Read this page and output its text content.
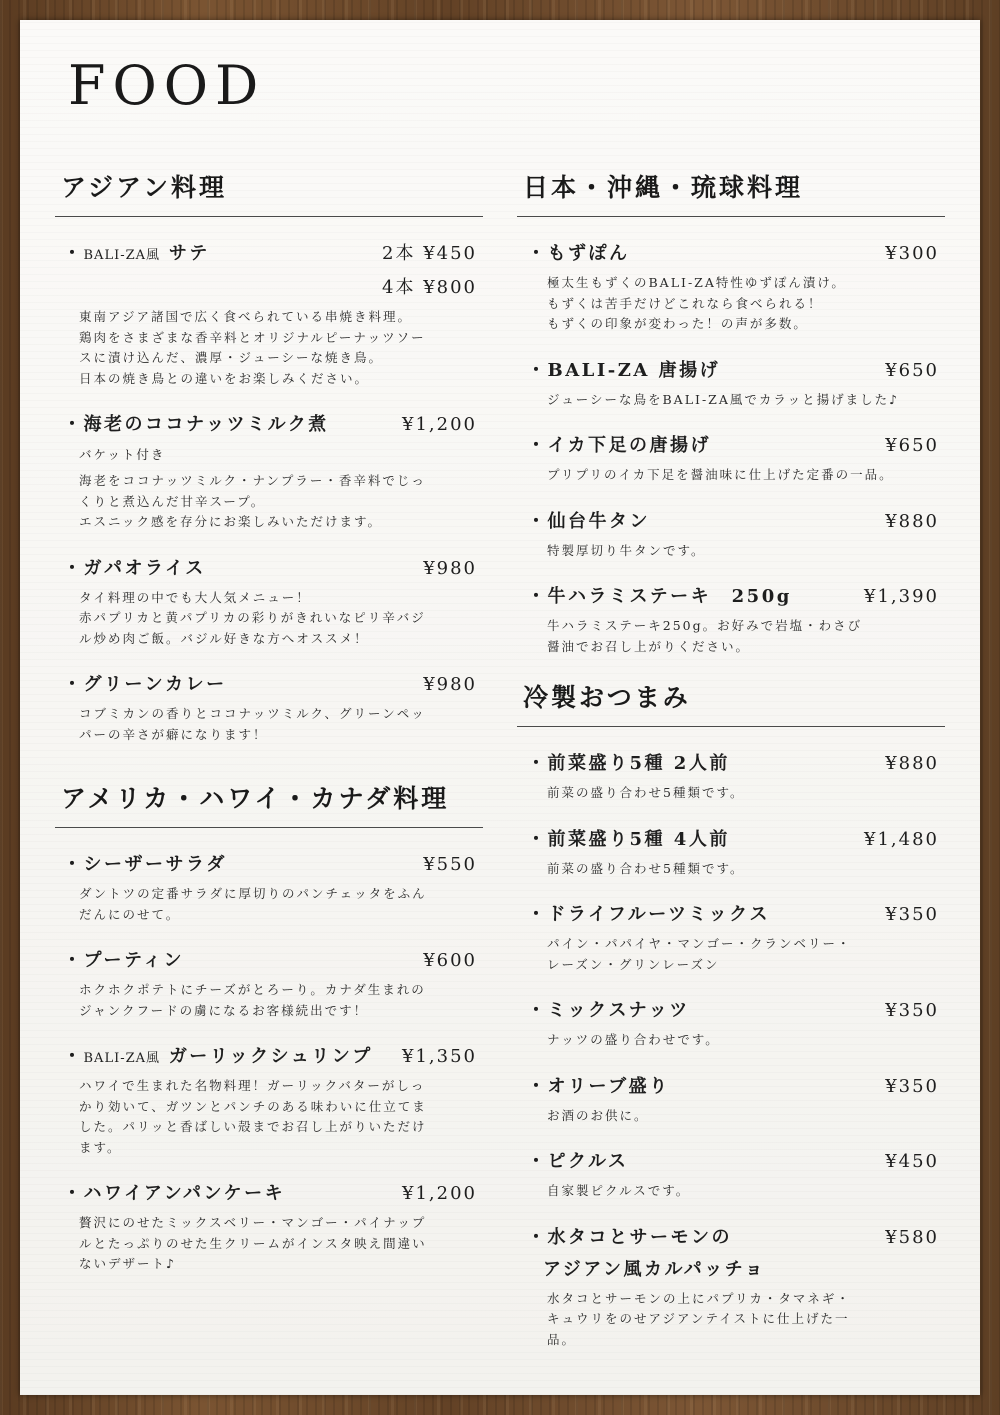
FOOD
アジアン料理
・BALI-ZA風 サテ	2本 ¥450
4本 ¥800
東南アジア諸国で広く食べられている串焼き料理。
鶏肉をさまざまな香辛料とオリジナルピーナッツソー
スに漬け込んだ、濃厚・ジューシーな焼き鳥。
日本の焼き鳥との違いをお楽しみください。
・海老のココナッツミルク煮	¥1,200
バケット付き
海老をココナッツミルク・ナンプラー・香辛料でじっ
くりと煮込んだ甘辛スープ。
エスニック感を存分にお楽しみいただけます。
・ガパオライス	¥980
タイ料理の中でも大人気メニュー！
赤パプリカと黄パプリカの彩りがきれいなピリ辛バジ
ル炒め肉ご飯。バジル好きな方へオススメ！
・グリーンカレー	¥980
コブミカンの香りとココナッツミルク、グリーンペッ
パーの辛さが癖になります！
アメリカ・ハワイ・カナダ料理
・シーザーサラダ	¥550
ダントツの定番サラダに厚切りのパンチェッタをふん
だんにのせて。
・プーティン	¥600
ホクホクポテトにチーズがとろーり。カナダ生まれの
ジャンクフードの虜になるお客様続出です！
・BALI-ZA風 ガーリックシュリンプ ¥1,350
ハワイで生まれた名物料理！ガーリックバターがしっ
かり効いて、ガツンとパンチのある味わいに仕立てま
した。パリッと香ばしい殻までお召し上がりいただけ
ます。
・ハワイアンパンケーキ	¥1,200
贅沢にのせたミックスベリー・マンゴー・パイナップ
ルとたっぷりのせた生クリームがインスタ映え間違い
ないデザート♪
日本・沖縄・琉球料理
・もずぽん	¥300
極太生もずくのBALI-ZA特性ゆずぽん漬け。
もずくは苦手だけどこれなら食べられる！
もずくの印象が変わった！の声が多数。
・BALI-ZA 唐揚げ	¥650
ジューシーな鳥をBALI-ZA風でカラッと揚げました♪
・イカ下足の唐揚げ	¥650
プリプリのイカ下足を醤油味に仕上げた定番の一品。
・仙台牛タン	¥880
特製厚切り牛タンです。
・牛ハラミステーキ　250g	¥1,390
牛ハラミステーキ250g。お好みで岩塩・わさび
醤油でお召し上がりください。
冷製おつまみ
・前菜盛り5種 2人前	¥880
前菜の盛り合わせ5種類です。
・前菜盛り5種 4人前	¥1,480
前菜の盛り合わせ5種類です。
・ドライフルーツミックス	¥350
パイン・パパイヤ・マンゴー・クランベリー・
レーズン・グリンレーズン
・ミックスナッツ	¥350
ナッツの盛り合わせです。
・オリーブ盛り	¥350
お酒のお供に。
・ピクルス	¥450
自家製ピクルスです。
・水タコとサーモンの
アジアン風カルパッチョ
¥580
水タコとサーモンの上にパプリカ・タマネギ・
キュウリをのせアジアンテイストに仕上げた一
品。
